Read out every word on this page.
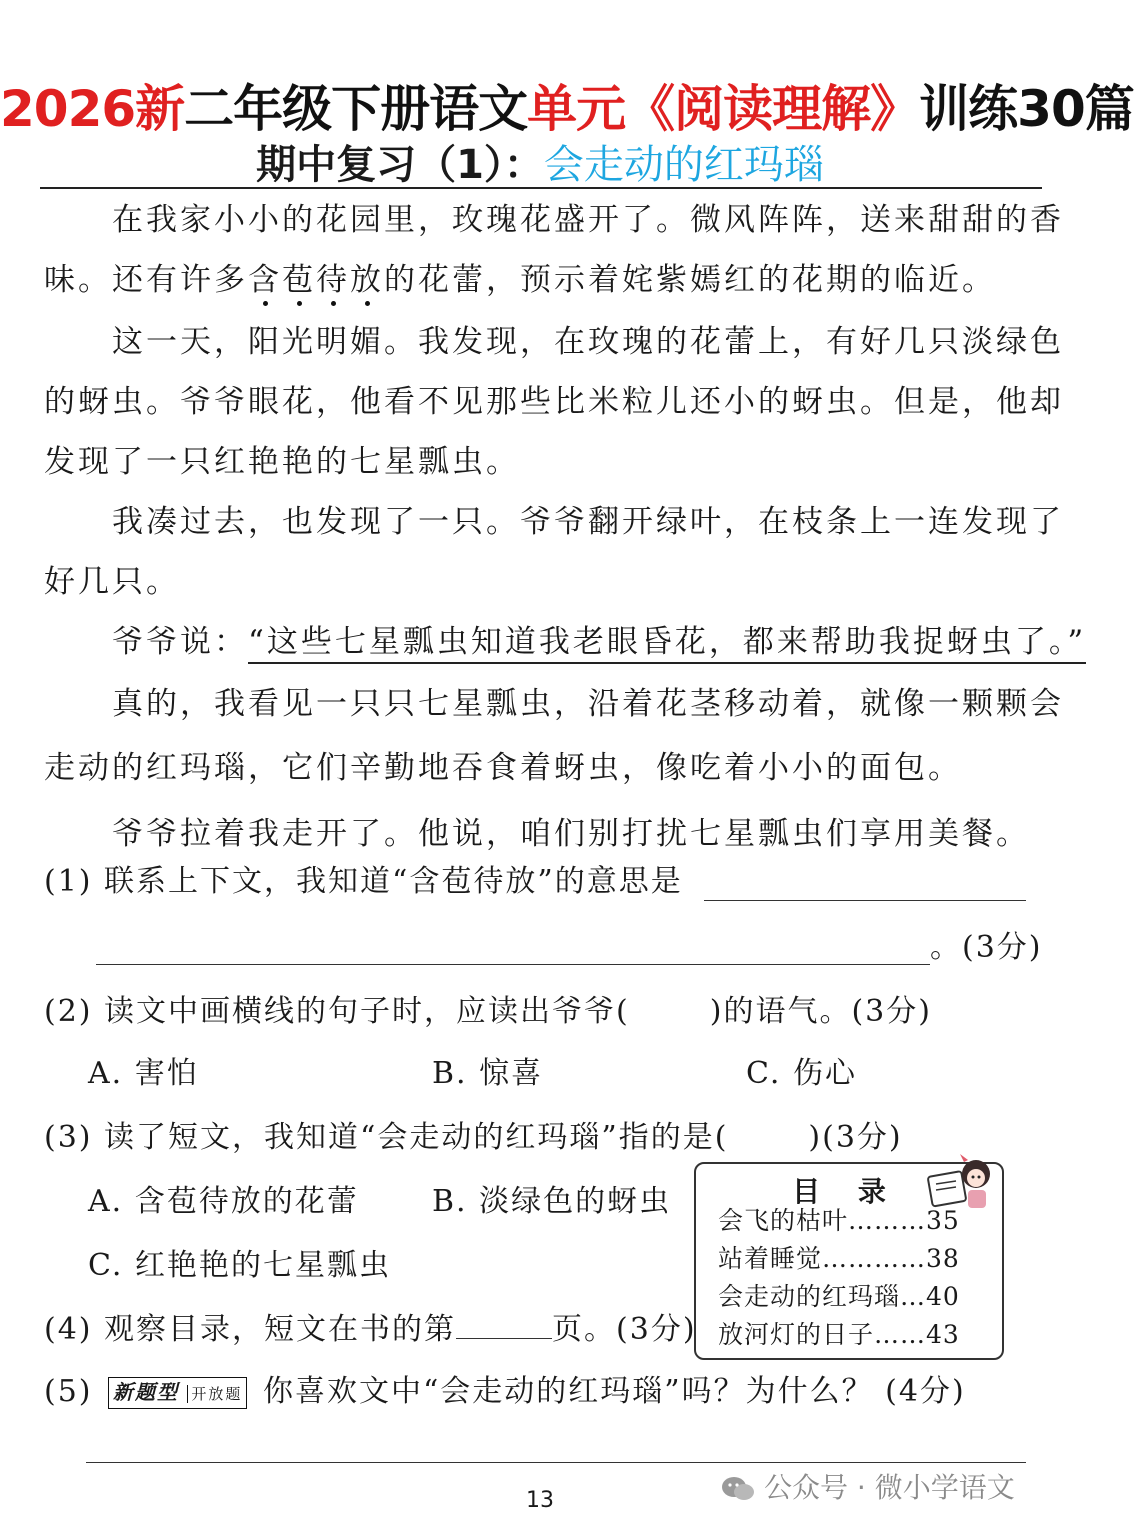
2026新二年级下册语文单元《阅读理解》训练30篇
期中复习（1）：会走动的红玛瑙
在我家小小的花园里，玫瑰花盛开了。微风阵阵，送来甜甜的香
味。还有许多含苞待放的花蕾，预示着姹紫嫣红的花期的临近。
这一天，阳光明媚。我发现，在玫瑰的花蕾上，有好几只淡绿色
的蚜虫。爷爷眼花，他看不见那些比米粒儿还小的蚜虫。但是，他却
发现了一只红艳艳的七星瓢虫。
我凑过去，也发现了一只。爷爷翻开绿叶，在枝条上一连发现了
好几只。
爷爷说：“这些七星瓢虫知道我老眼昏花，都来帮助我捉蚜虫了。”
真的，我看见一只只七星瓢虫，沿着花茎移动着，就像一颗颗会
走动的红玛瑙，它们辛勤地吞食着蚜虫，像吃着小小的面包。
爷爷拉着我走开了。他说，咱们别打扰七星瓢虫们享用美餐。
(1) 联系上下文，我知道“含苞待放”的意思是
。(3分)
(2) 读文中画横线的句子时，应读出爷爷(	)的语气。(3分)
A. 害怕	B. 惊喜	C. 伤心
(3) 读了短文，我知道“会走动的红玛瑙”指的是(	)(3分)
A. 含苞待放的花蕾 B. 淡绿色的蚜虫
C. 红艳艳的七星瓢虫
目 录
会飞的枯叶………35
站着睡觉…………38
会走动的红玛瑙…40
放河灯的日子……43
(4) 观察目录，短文在书的第	页。(3分)
(5) 新题型 开放题 你喜欢文中“会走动的红玛瑙”吗？为什么？ (4分)
公众号 · 微小学语文
13
